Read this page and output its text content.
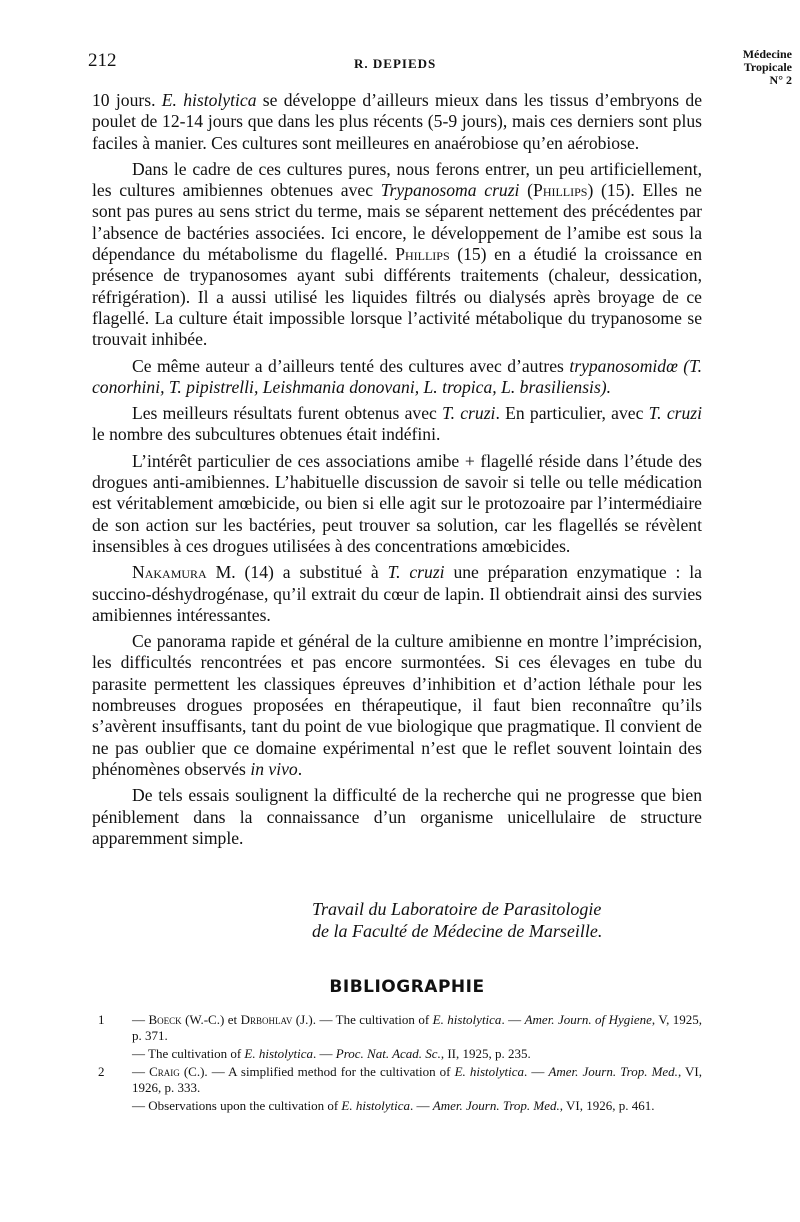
212	R. DEPIEDS
Médecine
Tropicale
N° 2

10 jours. E. histolytica se développe d’ailleurs mieux dans les tissus d’embryons de poulet de 12-14 jours que dans les plus récents (5-9 jours), mais ces derniers sont plus faciles à manier. Ces cultures sont meilleures en anaérobiose qu’en aérobiose.

Dans le cadre de ces cultures pures, nous ferons entrer, un peu artificiellement, les cultures amibiennes obtenues avec Trypanosoma cruzi (Phillips) (15). Elles ne sont pas pures au sens strict du terme, mais se séparent nettement des précédentes par l’absence de bactéries associées. Ici encore, le développement de l’amibe est sous la dépendance du métabolisme du flagellé. Phillips (15) en a étudié la croissance en présence de trypanosomes ayant subi différents traitements (chaleur, dessication, réfrigération). Il a aussi utilisé les liquides filtrés ou dialysés après broyage de ce flagellé. La culture était impossible lorsque l’activité métabolique du trypanosome se trouvait inhibée.

Ce même auteur a d’ailleurs tenté des cultures avec d’autres trypanosomidœ (T. conorhini, T. pipistrelli, Leishmania donovani, L. tropica, L. brasiliensis).

Les meilleurs résultats furent obtenus avec T. cruzi. En particulier, avec T. cruzi le nombre des subcultures obtenues était indéfini.

L’intérêt particulier de ces associations amibe + flagellé réside dans l’étude des drogues anti-amibiennes. L’habituelle discussion de savoir si telle ou telle médication est véritablement amœbicide, ou bien si elle agit sur le protozoaire par l’intermédiaire de son action sur les bactéries, peut trouver sa solution, car les flagellés se révèlent insensibles à ces drogues utilisées à des concentrations amœbicides.

Nakamura M. (14) a substitué à T. cruzi une préparation enzymatique : la succino-déshydrogénase, qu’il extrait du cœur de lapin. Il obtiendrait ainsi des survies amibiennes intéressantes.

Ce panorama rapide et général de la culture amibienne en montre l’imprécision, les difficultés rencontrées et pas encore surmontées. Si ces élevages en tube du parasite permettent les classiques épreuves d’inhibition et d’action léthale pour les nombreuses drogues proposées en thérapeutique, il faut bien reconnaître qu’ils s’avèrent insuffisants, tant du point de vue biologique que pragmatique. Il convient de ne pas oublier que ce domaine expérimental n’est que le reflet souvent lointain des phénomènes observés in vivo.

De tels essais soulignent la difficulté de la recherche qui ne progresse que bien péniblement dans la connaissance d’un organisme unicellulaire de structure apparemment simple.

Travail du Laboratoire de Parasitologie
de la Faculté de Médecine de Marseille.
BIBLIOGRAPHIE
1 — Boeck (W.-C.) et Drbohlav (J.). — The cultivation of E. histolytica. — Amer. Journ. of Hygiene, V, 1925, p. 371.
— The cultivation of E. histolytica. — Proc. Nat. Acad. Sc., II, 1925, p. 235.
2 — Craig (C.). — A simplified method for the cultivation of E. histolytica. — Amer. Journ. Trop. Med., VI, 1926, p. 333.
— Observations upon the cultivation of E. histolytica. — Amer. Journ. Trop. Med., VI, 1926, p. 461.
